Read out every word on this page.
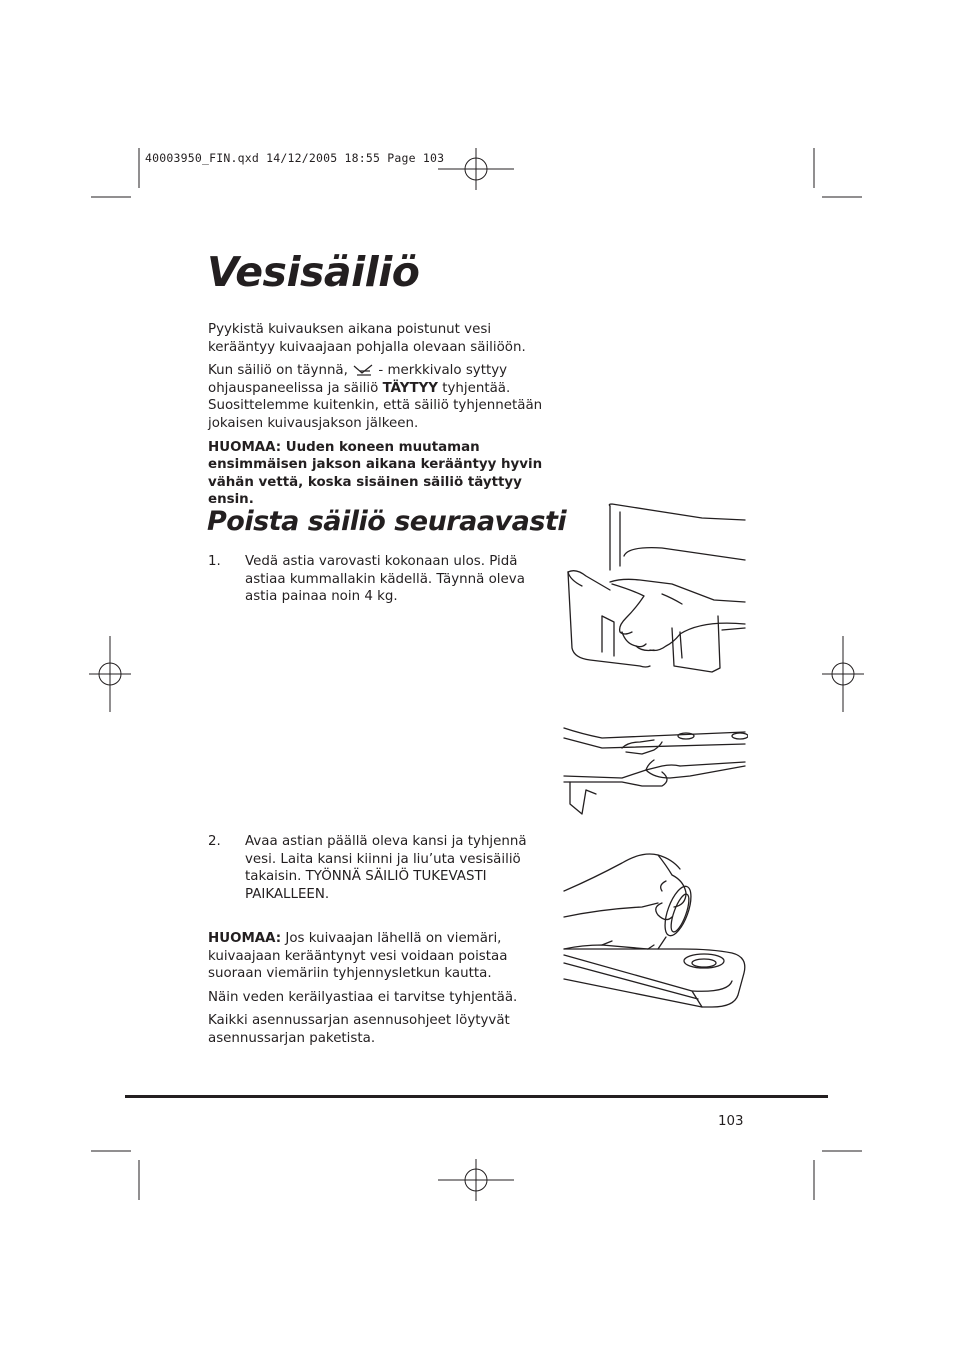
40003950_FIN.qxd 14/12/2005 18:55 Page 103
Vesisäiliö

Pyykistä kuivauksen aikana poistunut vesi kerääntyy kuivaajaan pohjalla olevaan säiliöön.

Kun säiliö on täynnä,  - merkkivalo syttyy
ohjauspaneelissa ja säiliö TÄYTYY tyhjentää.
Suosittelemme kuitenkin, että säiliö tyhjennetään jokaisen kuivausjakson jälkeen.

HUOMAA: Uuden koneen muutaman ensimmäisen jakson aikana kerääntyy hyvin vähän vettä, koska sisäinen säiliö täyttyy ensin.

Poista säiliö seuraavasti
1. Vedä astia varovasti kokonaan ulos. Pidä astiaa kummallakin kädellä. Täynnä oleva astia painaa noin 4 kg.

2. Avaa astian päällä oleva kansi ja tyhjennä vesi. Laita kansi kiinni ja liu’uta vesisäiliö takaisin. TYÖNNÄ SÄILIÖ TUKEVASTI PAIKALLEEN.

HUOMAA: Jos kuivaajan lähellä on viemäri, kuivaajaan kerääntynyt vesi voidaan poistaa suoraan viemäriin tyhjennysletkun kautta.

Näin veden keräilyastiaa ei tarvitse tyhjentää.

Kaikki asennussarjan asennusohjeet löytyvät asennussarjan paketista.

103
